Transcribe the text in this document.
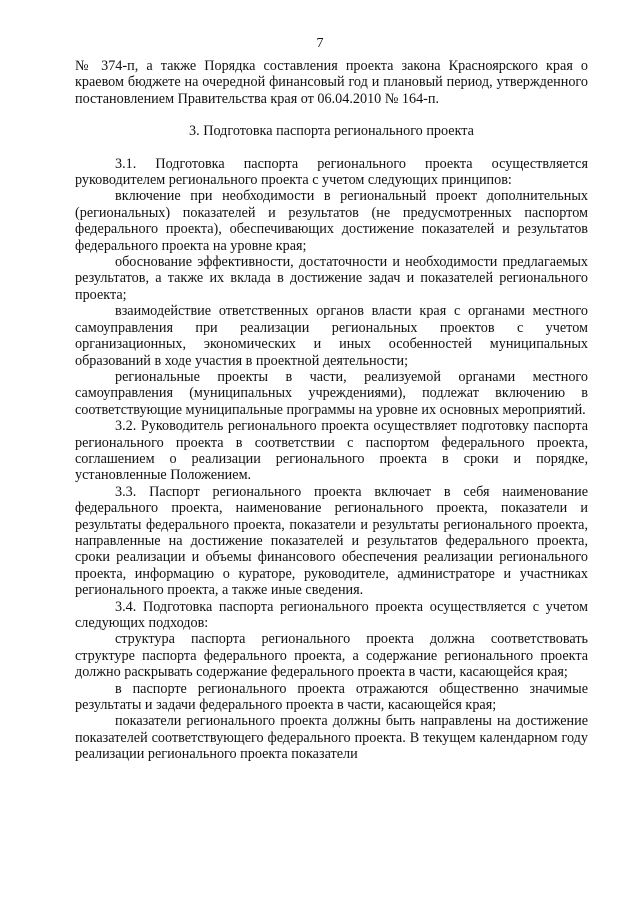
7

№ 374-п, а также Порядка составления проекта закона Красноярского края о краевом бюджете на очередной финансовый год и плановый период, утвержденного постановлением Правительства края от 06.04.2010 № 164-п.

3. Подготовка паспорта регионального проекта

3.1. Подготовка паспорта регионального проекта осуществляется руководителем регионального проекта с учетом следующих принципов:

включение при необходимости в региональный проект дополнительных (региональных) показателей и результатов (не предусмотренных паспортом федерального проекта), обеспечивающих достижение показателей и результатов федерального проекта на уровне края;

обоснование эффективности, достаточности и необходимости предлагаемых результатов, а также их вклада в достижение задач и показателей регионального проекта;

взаимодействие ответственных органов власти края с органами местного самоуправления при реализации региональных проектов с учетом организационных, экономических и иных особенностей муниципальных образований в ходе участия в проектной деятельности;

региональные проекты в части, реализуемой органами местного самоуправления (муниципальных учреждениями), подлежат включению в соответствующие муниципальные программы на уровне их основных мероприятий.

3.2. Руководитель регионального проекта осуществляет подготовку паспорта регионального проекта в соответствии с паспортом федерального проекта, соглашением о реализации регионального проекта в сроки и порядке, установленные Положением.

3.3. Паспорт регионального проекта включает в себя наименование федерального проекта, наименование регионального проекта, показатели и результаты федерального проекта, показатели и результаты регионального проекта, направленные на достижение показателей и результатов федерального проекта, сроки реализации и объемы финансового обеспечения реализации регионального проекта, информацию о кураторе, руководителе, администраторе и участниках регионального проекта, а также иные сведения.

3.4. Подготовка паспорта регионального проекта осуществляется с учетом следующих подходов:

структура паспорта регионального проекта должна соответствовать структуре паспорта федерального проекта, а содержание регионального проекта должно раскрывать содержание федерального проекта в части, касающейся края;

в паспорте регионального проекта отражаются общественно значимые результаты и задачи федерального проекта в части, касающейся края;

показатели регионального проекта должны быть направлены на достижение показателей соответствующего федерального проекта. В текущем календарном году реализации регионального проекта показатели
